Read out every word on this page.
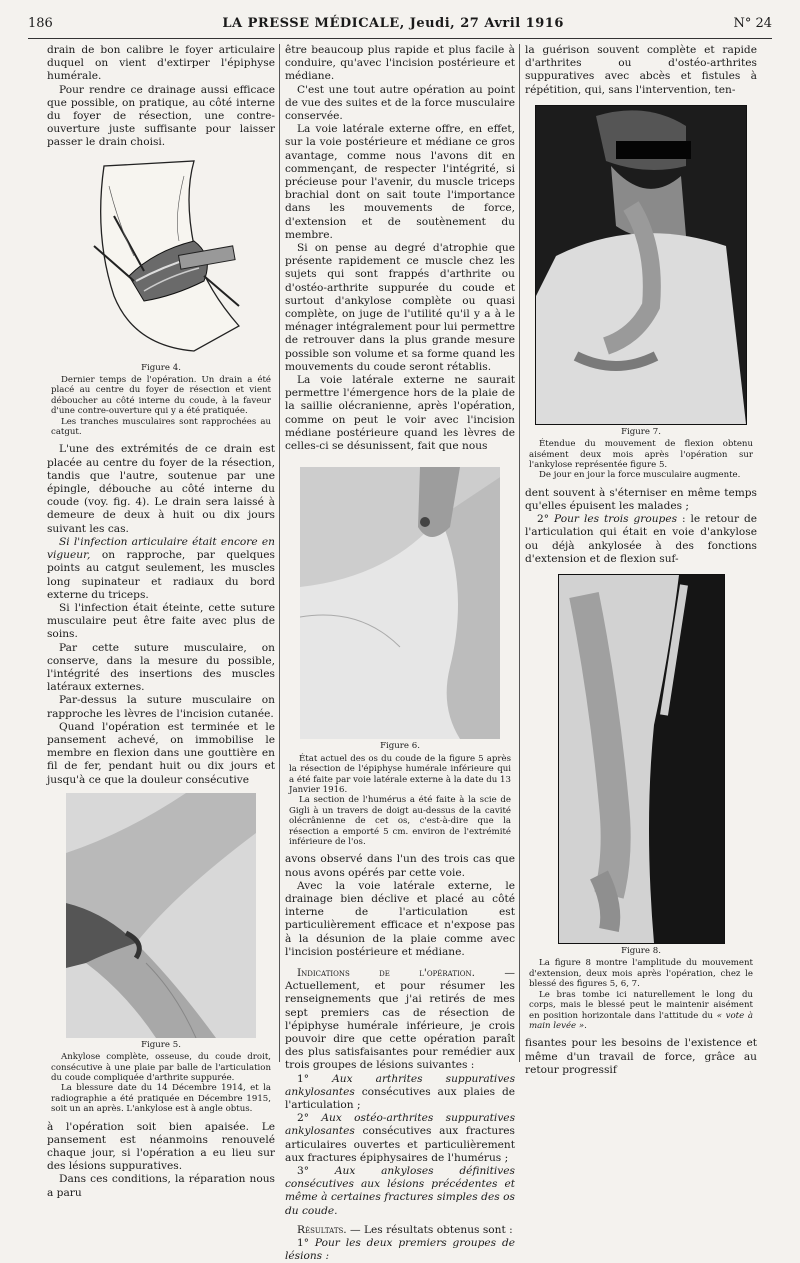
186	LA PRESSE MÉDICALE, Jeudi, 27 Avril 1916	N° 24

drain de bon calibre le foyer articulaire duquel on vient d'extirper l'épiphyse humérale.

Pour rendre ce drainage aussi efficace que possible, on pratique, au côté interne du foyer de résection, une contre-ouverture juste suffisante pour laisser passer le drain choisi.

Figure 4.

Dernier temps de l'opération. Un drain a été placé au centre du foyer de résection et vient déboucher au côté interne du coude, à la faveur d'une contre-ouverture qui y a été pratiquée.

Les tranches musculaires sont rapprochées au catgut.

L'une des extrémités de ce drain est placée au centre du foyer de la résection, tandis que l'autre, soutenue par une épingle, débouche au côté interne du coude (voy. fig. 4). Le drain sera laissé à demeure de deux à huit ou dix jours suivant les cas.

Si l'infection articulaire était encore en vigueur, on rapproche, par quelques points au catgut seulement, les muscles long supinateur et radiaux du bord externe du triceps.

Si l'infection était éteinte, cette suture musculaire peut être faite avec plus de soins.

Par cette suture musculaire, on conserve, dans la mesure du possible, l'intégrité des insertions des muscles latéraux externes.

Par-dessus la suture musculaire on rapproche les lèvres de l'incision cutanée.

Quand l'opération est terminée et le pansement achevé, on immobilise le membre en flexion dans une gouttière en fil de fer, pendant huit ou dix jours et jusqu'à ce que la douleur consécutive

Figure 5.

Ankylose complète, osseuse, du coude droit, consécutive à une plaie par balle de l'articulation du coude compliquée d'arthrite suppurée.

La blessure date du 14 Décembre 1914, et la radiographie a été pratiquée en Décembre 1915, soit un an après. L'ankylose est à angle obtus.

à l'opération soit bien apaisée. Le pansement est néanmoins renouvelé chaque jour, si l'opération a eu lieu sur des lésions suppuratives.

Dans ces conditions, la réparation nous a paru

être beaucoup plus rapide et plus facile à conduire, qu'avec l'incision postérieure et médiane.

C'est une tout autre opération au point de vue des suites et de la force musculaire conservée.

La voie latérale externe offre, en effet, sur la voie postérieure et médiane ce gros avantage, comme nous l'avons dit en commençant, de respecter l'intégrité, si précieuse pour l'avenir, du muscle triceps brachial dont on sait toute l'importance dans les mouvements de force, d'extension et de soutènement du membre.

Si on pense au degré d'atrophie que présente rapidement ce muscle chez les sujets qui sont frappés d'arthrite ou d'ostéo-arthrite suppurée du coude et surtout d'ankylose complète ou quasi complète, on juge de l'utilité qu'il y a à le ménager intégralement pour lui permettre de retrouver dans la plus grande mesure possible son volume et sa forme quand les mouvements du coude seront rétablis.

La voie latérale externe ne saurait permettre l'émergence hors de la plaie de la saillie olécranienne, après l'opération, comme on peut le voir avec l'incision médiane postérieure quand les lèvres de celles-ci se désunissent, fait que nous

Figure 6.

État actuel des os du coude de la figure 5 après la résection de l'épiphyse humérale inférieure qui a été faite par voie latérale externe à la date du 13 Janvier 1916.

La section de l'humérus a été faite à la scie de Gigli à un travers de doigt au-dessus de la cavité olécrânienne de cet os, c'est-à-dire que la résection a emporté 5 cm. environ de l'extrémité inférieure de l'os.

avons observé dans l'un des trois cas que nous avons opérés par cette voie.

Avec la voie latérale externe, le drainage bien déclive et placé au côté interne de l'articulation est particulièrement efficace et n'expose pas à la désunion de la plaie comme avec l'incision postérieure et médiane.

Indications de l'opération. — Actuellement, et pour résumer les renseignements que j'ai retirés de mes sept premiers cas de résection de l'épiphyse humérale inférieure, je crois pouvoir dire que cette opération paraît des plus satisfaisantes pour remédier aux trois groupes de lésions suivantes :

1° Aux arthrites suppuratives ankylosantes consécutives aux plaies de l'articulation ;

2° Aux ostéo-arthrites suppuratives ankylosantes consécutives aux fractures articulaires ouvertes et particulièrement aux fractures épiphysaires de l'humérus ;

3° Aux ankyloses définitives consécutives aux lésions précédentes et même à certaines fractures simples des os du coude.

Résultats. — Les résultats obtenus sont :

1° Pour les deux premiers groupes de lésions :

la guérison souvent complète et rapide d'arthrites ou d'ostéo-arthrites suppuratives avec abcès et fistules à répétition, qui, sans l'intervention, ten-

Figure 7.

Étendue du mouvement de flexion obtenu aisément deux mois après l'opération sur l'ankylose représentée figure 5.

De jour en jour la force musculaire augmente.

dent souvent à s'éterniser en même temps qu'elles épuisent les malades ;

2° Pour les trois groupes : le retour de l'articulation qui était en voie d'ankylose ou déjà ankylosée à des fonctions d'extension et de flexion suf-

Figure 8.

La figure 8 montre l'amplitude du mouvement d'extension, deux mois après l'opération, chez le blessé des figures 5, 6, 7.

Le bras tombe ici naturellement le long du corps, mais le blessé peut le maintenir aisément en position horizontale dans l'attitude du « vote à main levée ».

fisantes pour les besoins de l'existence et même d'un travail de force, grâce au retour progressif
